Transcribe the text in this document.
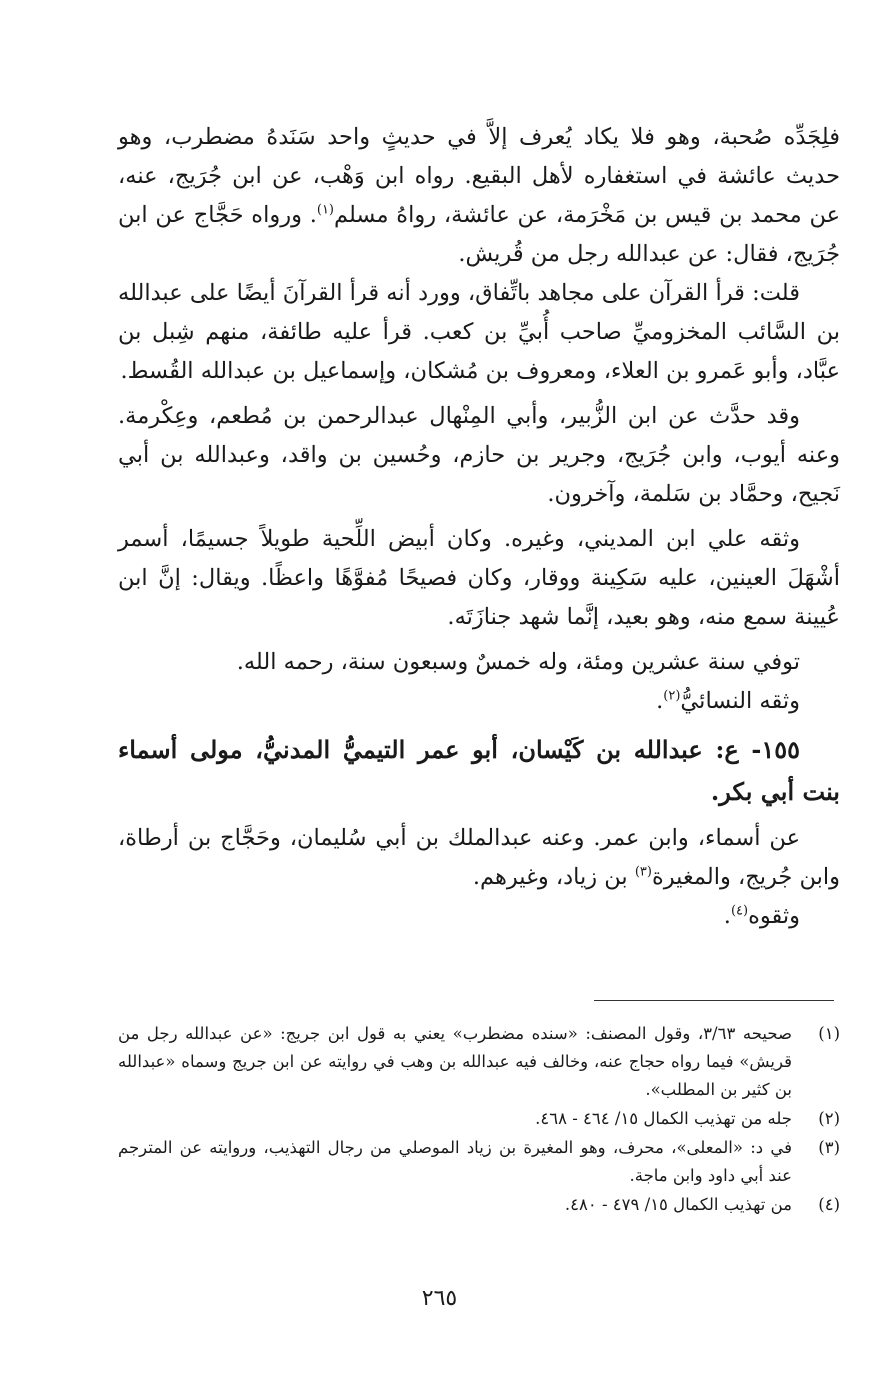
فلِجَدِّه صُحبة، وهو فلا يكاد يُعرف إلاَّ في حديثٍ واحد سَنَدهُ مضطرب، وهو حديث عائشة في استغفاره لأهل البقيع. رواه ابن وَهْب، عن ابن جُرَيج، عنه، عن محمد بن قيس بن مَخْرَمة، عن عائشة، رواهُ مسلم$^{(١)}$. ورواه حَجَّاج عن ابن جُرَيج، فقال: عن عبدالله رجل من قُريش.

قلت: قرأ القرآن على مجاهد باتِّفاق، وورد أنه قرأ القرآنَ أيضًا على عبدالله بن السَّائب المخزوميِّ صاحب أُبيِّ بن كعب. قرأ عليه طائفة، منهم شِبل بن عبَّاد، وأبو عَمرو بن العلاء، ومعروف بن مُشكان، وإسماعيل بن عبدالله القُسط.

وقد حدَّث عن ابن الزُّبير، وأبي المِنْهال عبدالرحمن بن مُطعم، وعِكْرمة. وعنه أيوب، وابن جُرَيج، وجرير بن حازم، وحُسين بن واقد، وعبدالله بن أبي نَجيح، وحمَّاد بن سَلمة، وآخرون.

وثقه علي ابن المديني، وغيره. وكان أبيض اللِّحية طويلاً جسيمًا، أسمر أشْهَلَ العينين، عليه سَكِينة ووقار، وكان فصيحًا مُفوَّهًا واعظًا. ويقال: إنَّ ابن عُيينة سمع منه، وهو بعيد، إنَّما شهد جنازَتَه.

توفي سنة عشرين ومئة، وله خمسٌ وسبعون سنة، رحمه الله.

وثقه النسائيُّ$^{(٢)}$.

١٥٥- ع: عبدالله بن كَيْسان، أبو عمر التيميُّ المدنيُّ، مولى أسماء بنت أبي بكر.

عن أسماء، وابن عمر. وعنه عبدالملك بن أبي سُليمان، وحَجَّاج بن أرطاة، وابن جُريج، والمغيرة$^{(٣)}$ بن زياد، وغيرهم.

وثقوه$^{(٤)}$.

(١)
صحيحه ٣/٦٣، وقول المصنف: «سنده مضطرب» يعني به قول ابن جريج: «عن عبدالله رجل من قريش» فيما رواه حجاج عنه، وخالف فيه عبدالله بن وهب في روايته عن ابن جريج وسماه «عبدالله بن كثير بن المطلب».
(٢)
جله من تهذيب الكمال ١٥/ ٤٦٤ - ٤٦٨.
(٣)
في د: «المعلى»، محرف، وهو المغيرة بن زياد الموصلي من رجال التهذيب، وروايته عن المترجم عند أبي داود وابن ماجة.
(٤)
من تهذيب الكمال ١٥/ ٤٧٩ - ٤٨٠.
٢٦٥
